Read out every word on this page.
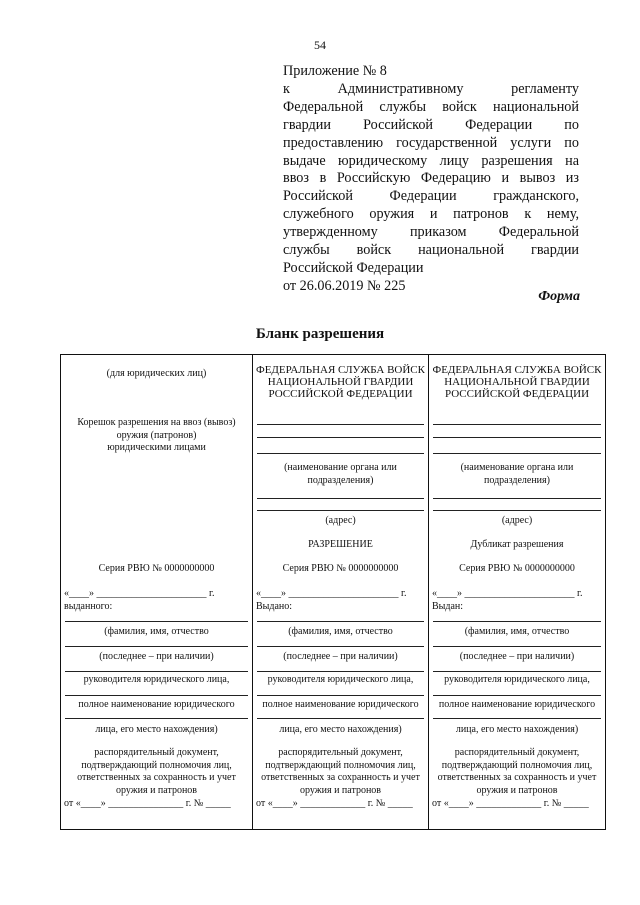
54
Приложение № 8
к Административному регламенту
Федеральной службы войск национальной
гвардии Российской Федерации по
предоставлению государственной услуги по
выдаче юридическому лицу разрешения на
ввоз в Российскую Федерацию и вывоз из
Российской Федерации гражданского,
служебного оружия и патронов к нему,
утвержденному приказом Федеральной
службы войск национальной гвардии
Российской Федерации
от 26.06.2019 № 225
Форма
Бланк разрешения
(для юридических лиц)
Корешок разрешения на ввоз (вывоз)
оружия (патронов)
юридическими лицами
Серия РВЮ № 0000000000
«____» ______________________ г.
выданного:
(фамилия, имя, отчество
(последнее – при наличии)
руководителя юридического лица,
полное наименование юридического
лица, его место нахождения)
распорядительный документ,
подтверждающий полномочия лиц,
ответственных за сохранность и учет
оружия и патронов
от «____» _______________ г. № _____
ФЕДЕРАЛЬНАЯ СЛУЖБА ВОЙСК
НАЦИОНАЛЬНОЙ ГВАРДИИ
РОССИЙСКОЙ ФЕДЕРАЦИИ
(наименование органа или
подразделения)
(адрес)
РАЗРЕШЕНИЕ
Серия РВЮ № 0000000000
«____» ______________________ г.
Выдано:
(фамилия, имя, отчество
(последнее – при наличии)
руководителя юридического лица,
полное наименование юридического
лица, его место нахождения)
распорядительный документ,
подтверждающий полномочия лиц,
ответственных за сохранность и учет
оружия и патронов
от «____» _____________ г. № _____
ФЕДЕРАЛЬНАЯ СЛУЖБА ВОЙСК
НАЦИОНАЛЬНОЙ ГВАРДИИ
РОССИЙСКОЙ ФЕДЕРАЦИИ
(наименование органа или
подразделения)
(адрес)
Дубликат разрешения
Серия РВЮ № 0000000000
«____» ______________________ г.
Выдан:
(фамилия, имя, отчество
(последнее – при наличии)
руководителя юридического лица,
полное наименование юридического
лица, его место нахождения)
распорядительный документ,
подтверждающий полномочия лиц,
ответственных за сохранность и учет
оружия и патронов
от «____» _____________ г. № _____
